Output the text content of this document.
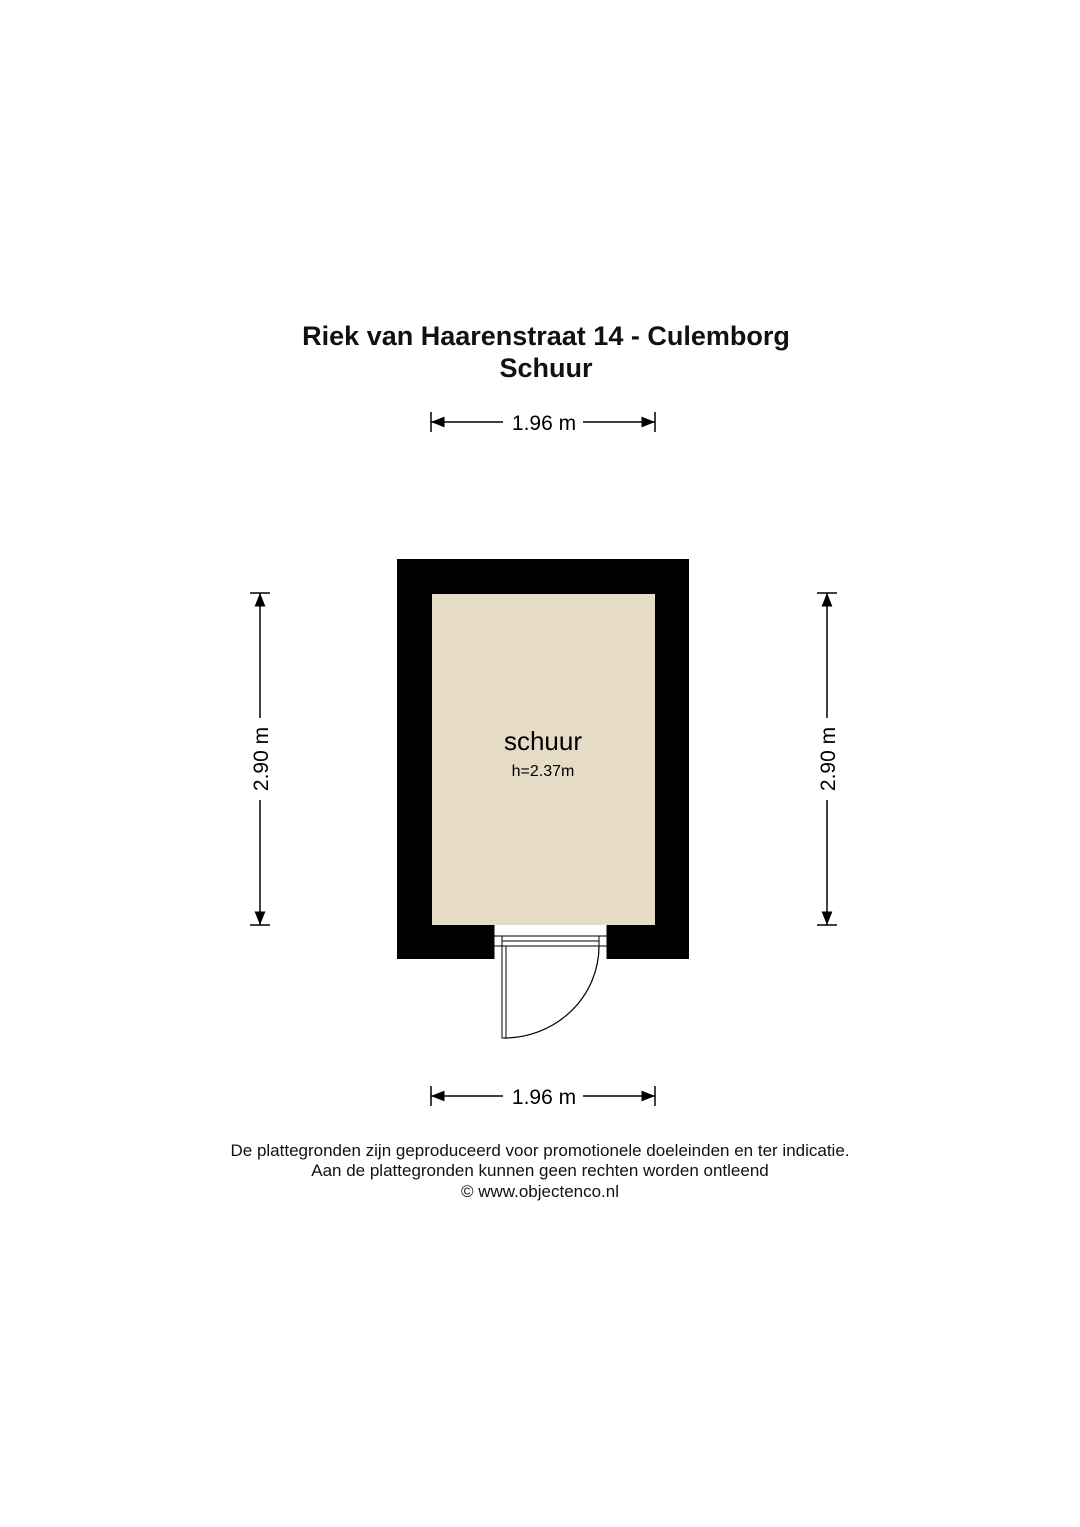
Riek van Haarenstraat 14 - Culemborg
Schuur
1.96 m
1.96 m
2.90 m	2.90 m
schuur
h=2.37m
De plattegronden zijn geproduceerd voor promotionele doeleinden en ter indicatie.
Aan de plattegronden kunnen geen rechten worden ontleend
© www.objectenco.nl
